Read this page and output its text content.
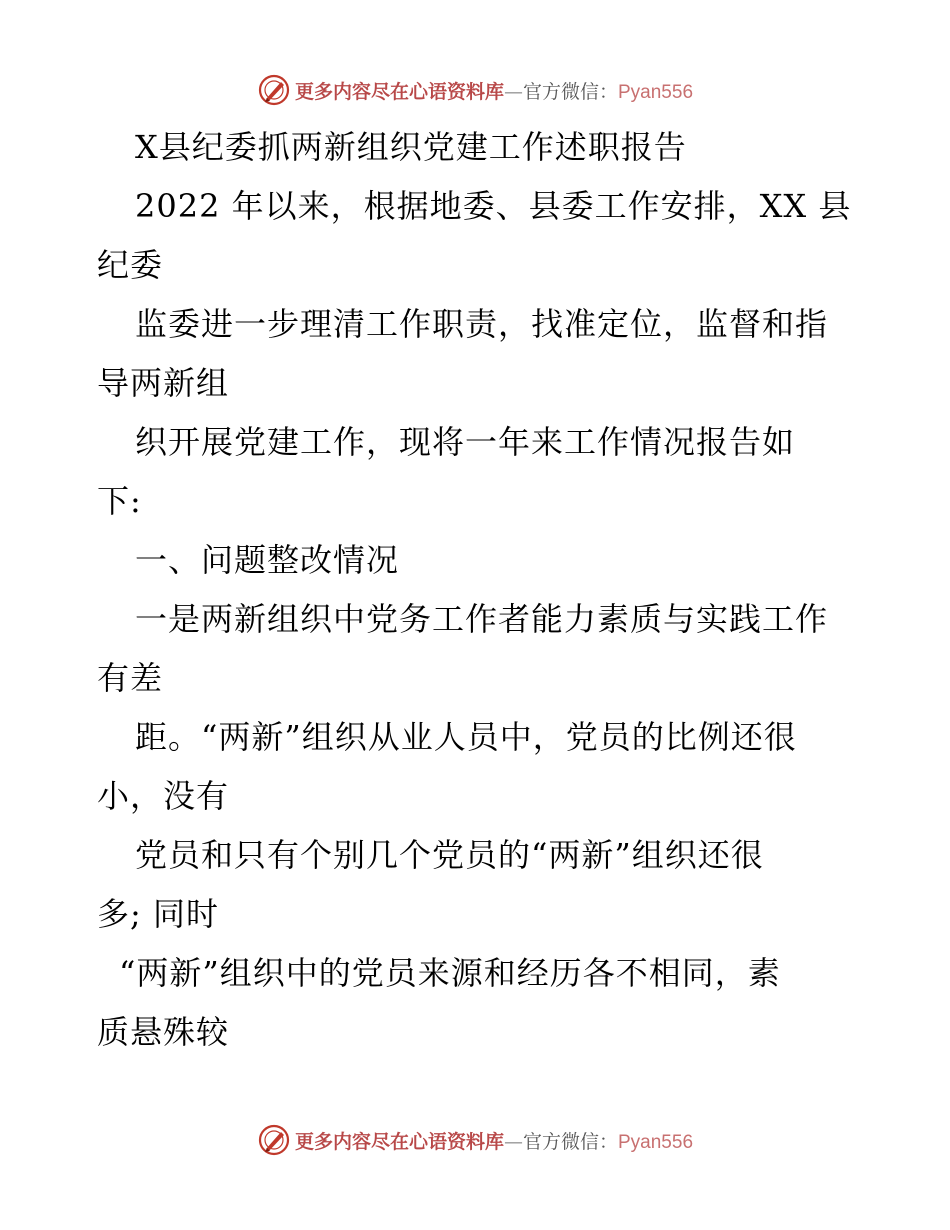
更多内容尽在心语资料库—官方微信：Pyan556

X县纪委抓两新组织党建工作述职报告

2022 年以来，根据地委、县委工作安排，XX 县

纪委

监委进一步理清工作职责，找准定位，监督和指

导两新组

织开展党建工作，现将一年来工作情况报告如

下:

一、问题整改情况

一是两新组织中党务工作者能力素质与实践工作

有差

距。“两新”组织从业人员中，党员的比例还很

小，没有

党员和只有个别几个党员的“两新”组织还很

多; 同时

“两新”组织中的党员来源和经历各不相同，素

质悬殊较

更多内容尽在心语资料库—官方微信：Pyan556
